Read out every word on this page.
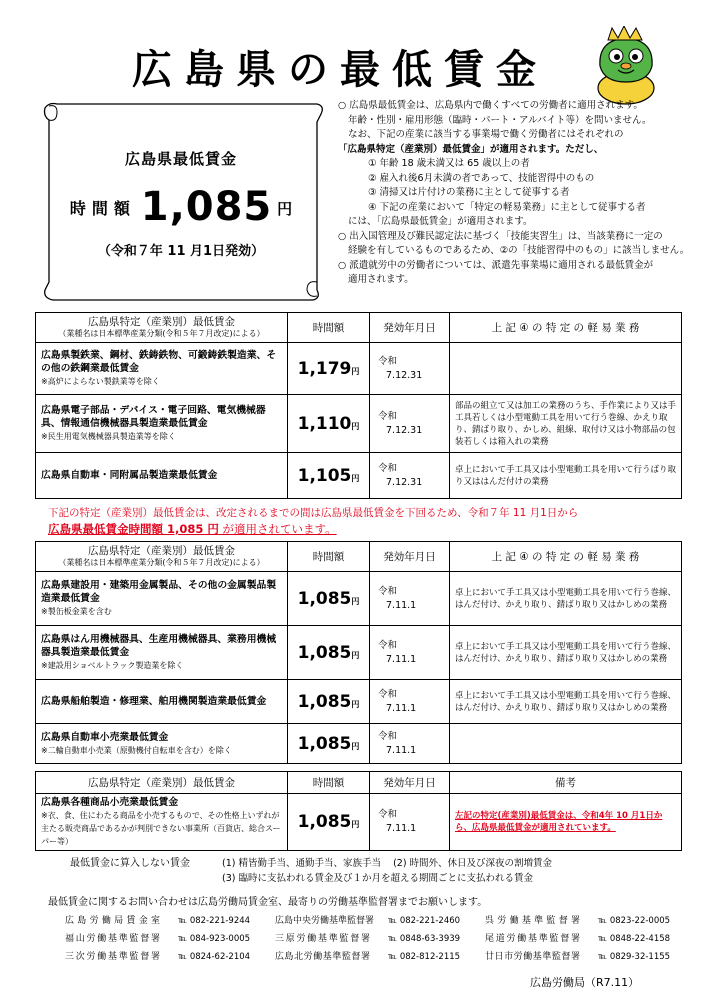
広島県の最低賃金
広島県最低賃金
時間額 1,085 円
（令和７年 11 月1日発効）
○ 広島県最低賃金は、広島県内で働くすべての労働者に適用されます。
年齢・性別・雇用形態（臨時・パート・アルバイト等）を問いません。
なお、下記の産業に該当する事業場で働く労働者にはそれぞれの
「広島県特定（産業別）最低賃金」が適用されます。ただし、
① 年齢 18 歳未満又は 65 歳以上の者
② 雇入れ後6月未満の者であって、技能習得中のもの
③ 清掃又は片付けの業務に主として従事する者
④ 下記の産業において「特定の軽易業務」に主として従事する者
には、「広島県最低賃金」が適用されます。
○ 出入国管理及び難民認定法に基づく「技能実習生」は、当該業務に一定の
経験を有しているものであるため、②の「技能習得中のもの」に該当しません。
○ 派遣就労中の労働者については、派遣先事業場に適用される最低賃金が
適用されます。
広島県特定（産業別）最低賃金
（業種名は日本標準産業分類(令和５年７月改定)による）	時間額	発効年月日	上 記 ④ の 特 定 の 軽 易 業 務
広島県製鉄業、鋼材、鉄鋳鉄物、可鍛鋳鉄製造業、その他の鉄鋼業最低賃金
※高炉によらない製鉄業等を除く	1,179円	令和
7.12.31	

広島県電子部品・デバイス・電子回路、電気機械器具、情報通信機械器具製造業最低賃金
※民生用電気機械器具製造業等を除く	1,110円	令和
7.12.31	部品の組立て又は加工の業務のうち、手作業により又は手工具若しくは小型電動工具を用いて行う巻線、かえり取り、錆ばり取り、かしめ、組線、取付け又は小物部品の包装若しくは箱入れの業務
広島県自動車・同附属品製造業最低賃金	1,105円	令和
7.12.31	卓上において手工具又は小型電動工具を用いて行うばり取り又ははんだ付けの業務
下記の特定（産業別）最低賃金は、改定されるまでの間は広島県最低賃金を下回るため、令和７年 11 月1日から
広島県最低賃金時間額 1,085 円 が適用されています。
広島県特定（産業別）最低賃金
（業種名は日本標準産業分類(令和５年７月改定)による）	時間額	発効年月日	上 記 ④ の 特 定 の 軽 易 業 務
広島県建設用・建築用金属製品、その他の金属製品製造業最低賃金
※製缶板金業を含む	1,085円	令和
7.11.1	卓上において手工具又は小型電動工具を用いて行う巻線、はんだ付け、かえり取り、錆ばり取り又はかしめの業務
広島県はん用機械器具、生産用機械器具、業務用機械器具製造業最低賃金
※建設用ショベルトラック製造業を除く	1,085円	令和
7.11.1	卓上において手工具又は小型電動工具を用いて行う巻線、はんだ付け、かえり取り、錆ばり取り又はかしめの業務
広島県船舶製造・修理業、舶用機関製造業最低賃金	1,085円	令和
7.11.1	卓上において手工具又は小型電動工具を用いて行う巻線、はんだ付け、かえり取り、錆ばり取り又はかしめの業務
広島県自動車小売業最低賃金
※二輪自動車小売業（原動機付自転車を含む）を除く	1,085円	令和
7.11.1	

広島県特定（産業別）最低賃金	時間額	発効年月日	備考
広島県各種商品小売業最低賃金
※衣、食、住にわたる商品を小売するもので、その性格上いずれが主たる販売商品であるかが判別できない事業所（百貨店、総合スーパー等）	1,085円	令和
7.11.1	左記の特定(産業別)最低賃金は、令和4年 10 月1日から、広島県最低賃金が適用されています。
最低賃金に算入しない賃金	(1) 精皆勤手当、通勤手当、家族手当 (2) 時間外、休日及び深夜の割増賃金
(3) 臨時に支払われる賃金及び１か月を超える期間ごとに支払われる賃金
最低賃金に関するお問い合わせは広島労働局賃金室、最寄りの労働基準監督署までお願いします。
広島労働局賃金室	℡ 082-221-9244	広島中央労働基準監督署	℡ 082-221-2460	呉労働基準監督署	℡ 0823-22-0005
福山労働基準監督署	℡ 084-923-0005	三原労働基準監督署	℡ 0848-63-3939	尾道労働基準監督署	℡ 0848-22-4158
三次労働基準監督署	℡ 0824-62-2104	広島北労働基準監督署	℡ 082-812-2115	廿日市労働基準監督署	℡ 0829-32-1155
広島労働局（R7.11）
